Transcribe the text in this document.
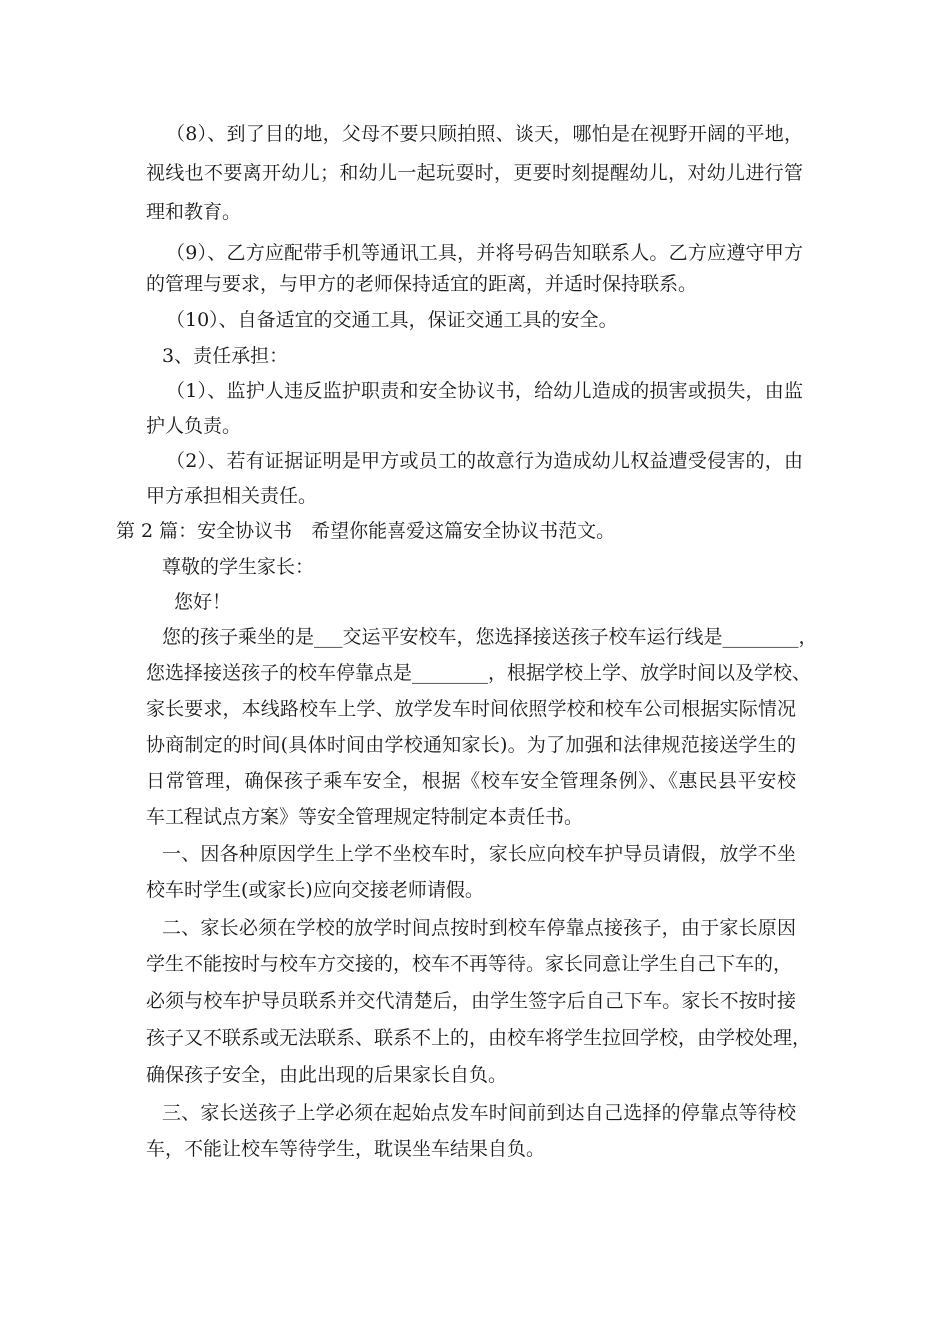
（8）、到了目的地，父母不要只顾拍照、谈天，哪怕是在视野开阔的平地，
视线也不要离开幼儿；和幼儿一起玩耍时，更要时刻提醒幼儿，对幼儿进行管
理和教育。
（9）、乙方应配带手机等通讯工具，并将号码告知联系人。乙方应遵守甲方
的管理与要求，与甲方的老师保持适宜的距离，并适时保持联系。
（10）、自备适宜的交通工具，保证交通工具的安全。
3、责任承担：
（1）、监护人违反监护职责和安全协议书，给幼儿造成的损害或损失，由监
护人负责。
（2）、若有证据证明是甲方或员工的故意行为造成幼儿权益遭受侵害的，由
甲方承担相关责任。
第 2 篇：安全协议书　希望你能喜爱这篇安全协议书范文。
尊敬的学生家长：
您好！
您的孩子乘坐的是___交运平安校车，您选择接送孩子校车运行线是________，
您选择接送孩子的校车停靠点是________，根据学校上学、放学时间以及学校、
家长要求，本线路校车上学、放学发车时间依照学校和校车公司根据实际情况
协商制定的时间(具体时间由学校通知家长)。为了加强和法律规范接送学生的
日常管理，确保孩子乘车安全，根据《校车安全管理条例》、《惠民县平安校
车工程试点方案》等安全管理规定特制定本责任书。
一、因各种原因学生上学不坐校车时，家长应向校车护导员请假，放学不坐
校车时学生(或家长)应向交接老师请假。
二、家长必须在学校的放学时间点按时到校车停靠点接孩子，由于家长原因
学生不能按时与校车方交接的，校车不再等待。家长同意让学生自己下车的，
必须与校车护导员联系并交代清楚后，由学生签字后自己下车。家长不按时接
孩子又不联系或无法联系、联系不上的，由校车将学生拉回学校，由学校处理，
确保孩子安全，由此出现的后果家长自负。
三、家长送孩子上学必须在起始点发车时间前到达自己选择的停靠点等待校
车，不能让校车等待学生，耽误坐车结果自负。
